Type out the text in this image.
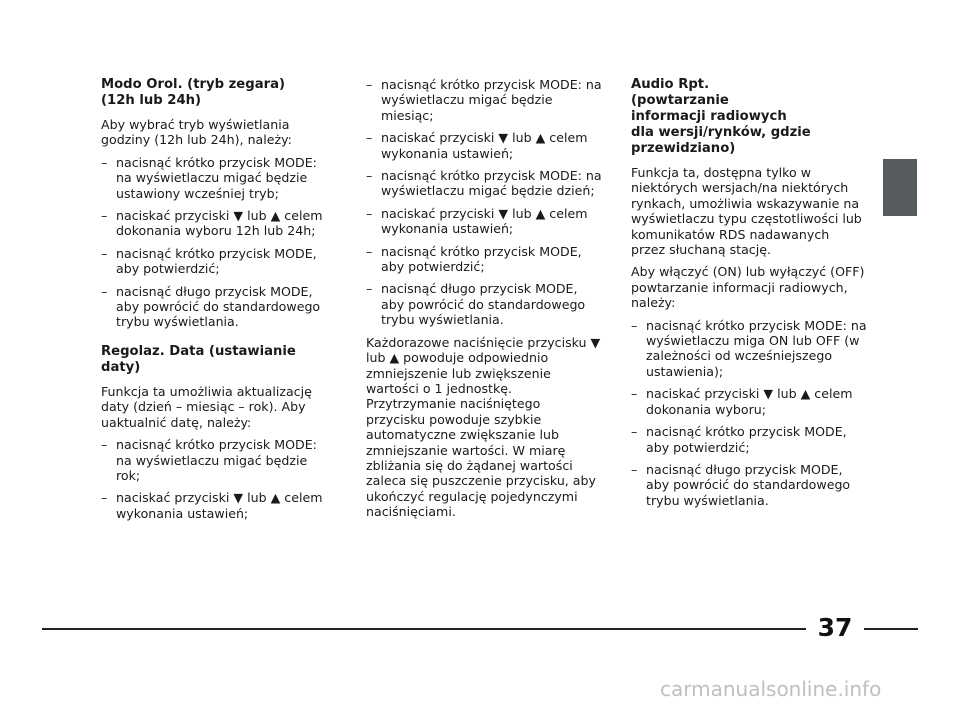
Modo Orol. (tryb zegara)
(12h lub 24h)

Aby wybrać tryb wyświetlania godziny (12h lub 24h), należy:

– nacisnąć krótko przycisk MODE: na wyświetlaczu migać będzie ustawiony wcześniej tryb;
– naciskać przyciski ▼ lub ▲ celem dokonania wyboru 12h lub 24h;
– nacisnąć krótko przycisk MODE, aby potwierdzić;
– nacisnąć długo przycisk MODE, aby powrócić do standardowego trybu wyświetlania.
Regolaz. Data (ustawianie daty)

Funkcja ta umożliwia aktualizację daty (dzień – miesiąc – rok). Aby uaktualnić datę, należy:

– nacisnąć krótko przycisk MODE: na wyświetlaczu migać będzie rok;
– naciskać przyciski ▼ lub ▲ celem wykonania ustawień;
– nacisnąć krótko przycisk MODE: na wyświetlaczu migać będzie miesiąc;
– naciskać przyciski ▼ lub ▲ celem wykonania ustawień;
– nacisnąć krótko przycisk MODE: na wyświetlaczu migać będzie dzień;
– naciskać przyciski ▼ lub ▲ celem wykonania ustawień;
– nacisnąć krótko przycisk MODE, aby potwierdzić;
– nacisnąć długo przycisk MODE, aby powrócić do standardowego trybu wyświetlania.

Każdorazowe naciśnięcie przycisku ▼ lub ▲ powoduje odpowiednio zmniejszenie lub zwiększenie wartości o 1 jednostkę. Przytrzymanie naciśniętego przycisku powoduje szybkie automatyczne zwiększanie lub zmniejszanie wartości. W miarę zbliżania się do żądanej wartości zaleca się puszczenie przycisku, aby ukończyć regulację pojedynczymi naciśnięciami.

Audio Rpt.
(powtarzanie
informacji radiowych
dla wersji/rynków, gdzie
przewidziano)

Funkcja ta, dostępna tylko w niektórych wersjach/na niektórych rynkach, umożliwia wskazywanie na wyświetlaczu typu częstotliwości lub komunikatów RDS nadawanych przez słuchaną stację.

Aby włączyć (ON) lub wyłączyć (OFF) powtarzanie informacji radiowych, należy:

– nacisnąć krótko przycisk MODE: na wyświetlaczu miga ON lub OFF (w zależności od wcześniejszego ustawienia);
– naciskać przyciski ▼ lub ▲ celem dokonania wyboru;
– nacisnąć krótko przycisk MODE, aby potwierdzić;
– nacisnąć długo przycisk MODE, aby powrócić do standardowego trybu wyświetlania.
37
carmanualsonline.info
